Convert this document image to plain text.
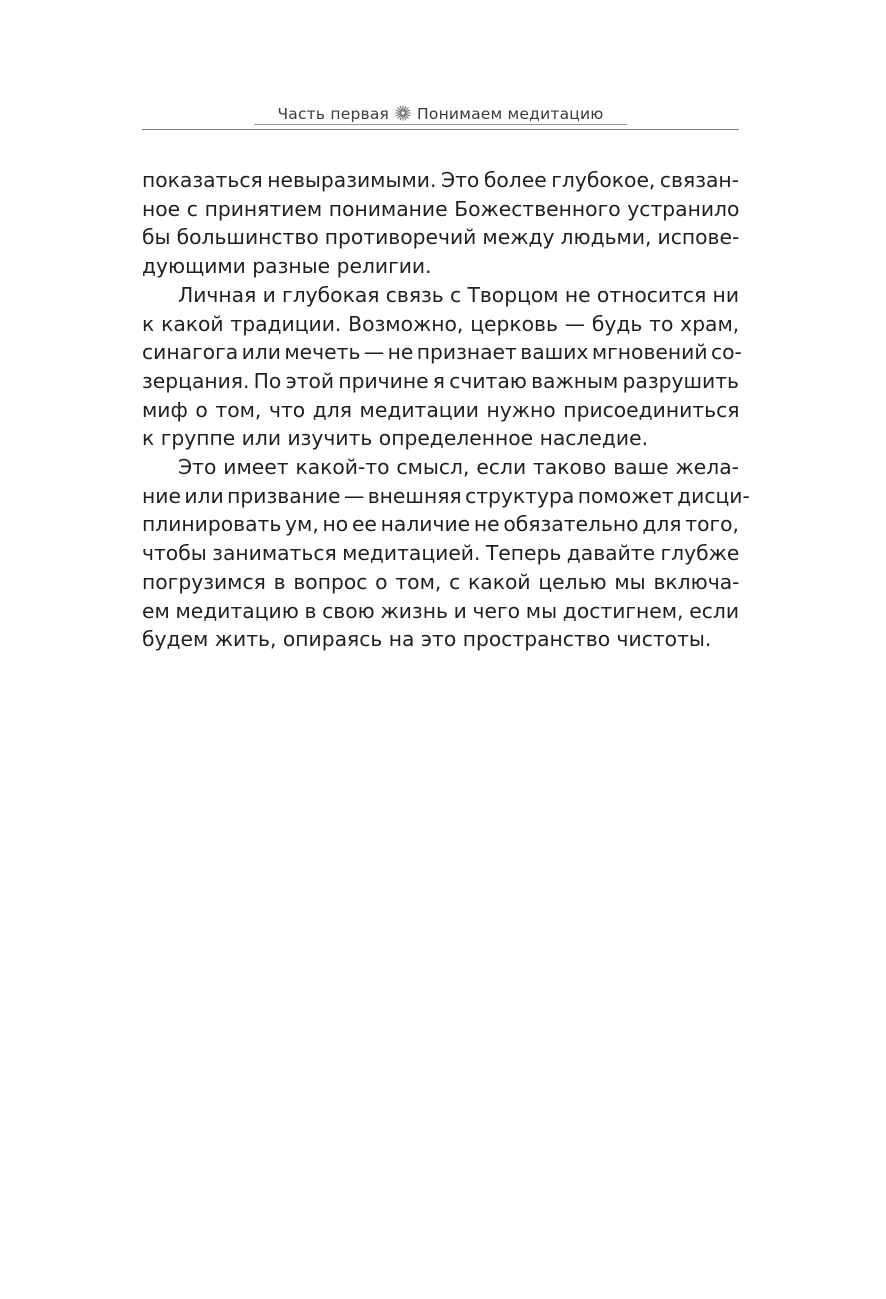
Часть первая Понимаем медитацию

показаться невыразимыми. Это более глубокое, связан-
ное с принятием понимание Божественного устранило
бы большинство противоречий между людьми, испове-
дующими разные религии.

Личная и глубокая связь с Творцом не относится ни
к какой традиции. Возможно, церковь — будь то храм,
синагога или мечеть — не признает ваших мгновений со-
зерцания. По этой причине я считаю важным разрушить
миф о том, что для медитации нужно присоединиться
к группе или изучить определенное наследие.

Это имеет какой-то смысл, если таково ваше жела-
ние или призвание — внешняя структура поможет дисци-
плинировать ум, но ее наличие не обязательно для того,
чтобы заниматься медитацией. Теперь давайте глубже
погрузимся в вопрос о том, с какой целью мы включа-
ем медитацию в свою жизнь и чего мы достигнем, если
будем жить, опираясь на это пространство чистоты.
